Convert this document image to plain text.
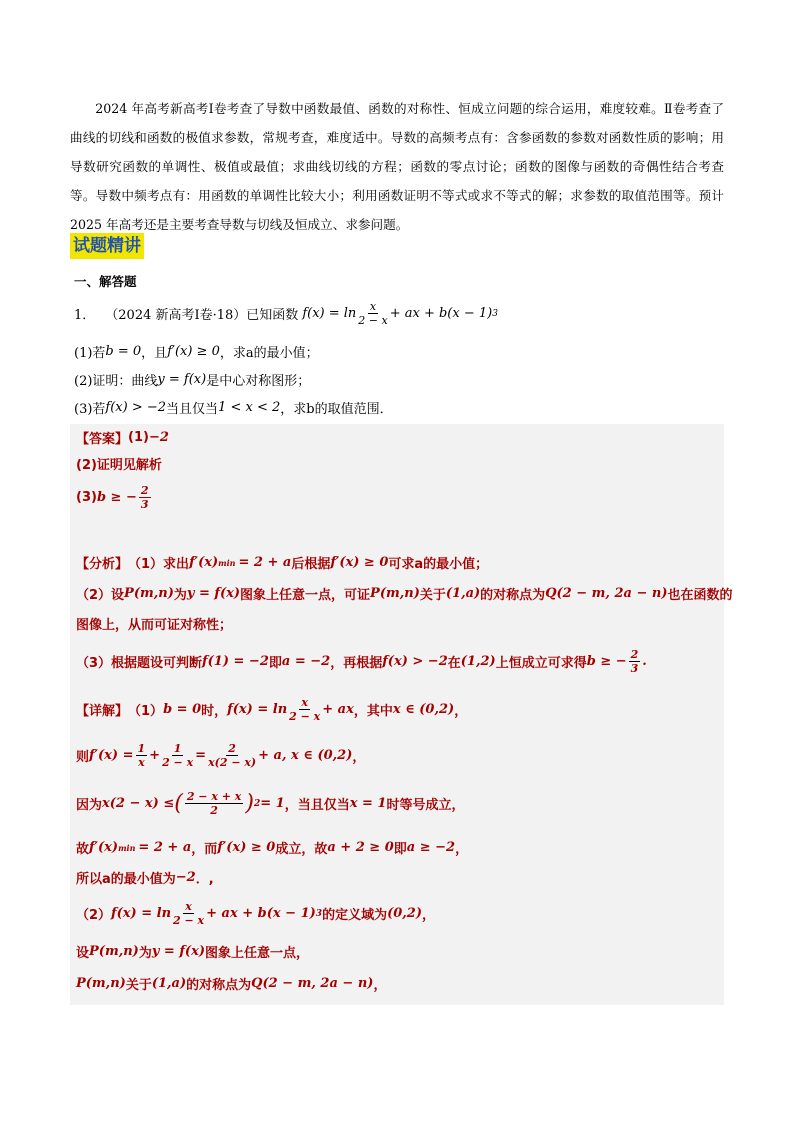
2024 年高考新高考Ⅰ卷考查了导数中函数最值、函数的对称性、恒成立问题的综合运用，难度较难。Ⅱ卷考查了曲线的切线和函数的极值求参数，常规考查，难度适中。导数的高频考点有：含参函数的参数对函数性质的影响；用导数研究函数的单调性、极值或最值；求曲线切线的方程；函数的零点讨论；函数的图像与函数的奇偶性结合考查等。导数中频考点有：用函数的单调性比较大小；利用函数证明不等式或求不等式的解；求参数的取值范围等。预计 2025 年高考还是主要考查导数与切线及恒成立、求参问题。

试题精讲
一、解答题
1． （2024 新高考Ⅰ卷·18）已知函数 $f(x) = \ln \frac{x}{2 - x}$ + ax + b(x − 1) 3
(1)若 b = 0 ，且 f′(x) ≥ 0 ，求a的最小值；
(2)证明：曲线 y = f(x) 是中心对称图形；
(3)若 f(x) > −2 当且仅当 1 < x < 2 ，求b的取值范围．
【答案】 (1) −2
(2)证明见解析
(3) b ≥ − $\frac{2}{3}$
【分析】 （1）求出 f′(x) min = 2 + a 后根据 f′(x) ≥ 0 可求a的最小值；
（2）设 P(m,n) 为 y = f(x) 图象上任意一点，可证 P(m,n) 关于 (1,a) 的对称点为 Q(2 − m, 2a − n) 也在函数的
图像上，从而可证对称性；
（3）根据题设可判断 f(1) = −2 即 a = −2 ，再根据 f(x) > −2 在 (1,2) 上恒成立可求得 b ≥ − $\frac{2}{3}$ .
【详解】 （1） b = 0 时， $f(x) = \ln \frac{x}{2 - x}$ + ax ，其中 x ∈ (0,2) ，
则 $f'(x) = \frac{1}{x} + \frac{1}{2 - x} = \frac{2}{x(2 - x)} + a$, x ∈ (0,2) ，
因为 x(2 − x) ≤ ( $\frac{2 - x + x}{2}$ ) 2 = 1 ，当且仅当 x = 1 时等号成立，
故 f′(x) min = 2 + a ，而 f′(x) ≥ 0 成立，故 a + 2 ≥ 0 即 a ≥ −2 ，
所以a的最小值为 −2 ．,
（2） $f(x) = \ln \frac{x}{2 - x}$ + ax + b(x − 1) 3 的定义域为 (0,2) ，
设 P(m,n) 为 y = f(x) 图象上任意一点，
P(m,n) 关于 (1,a) 的对称点为 Q(2 − m, 2a − n) ，
